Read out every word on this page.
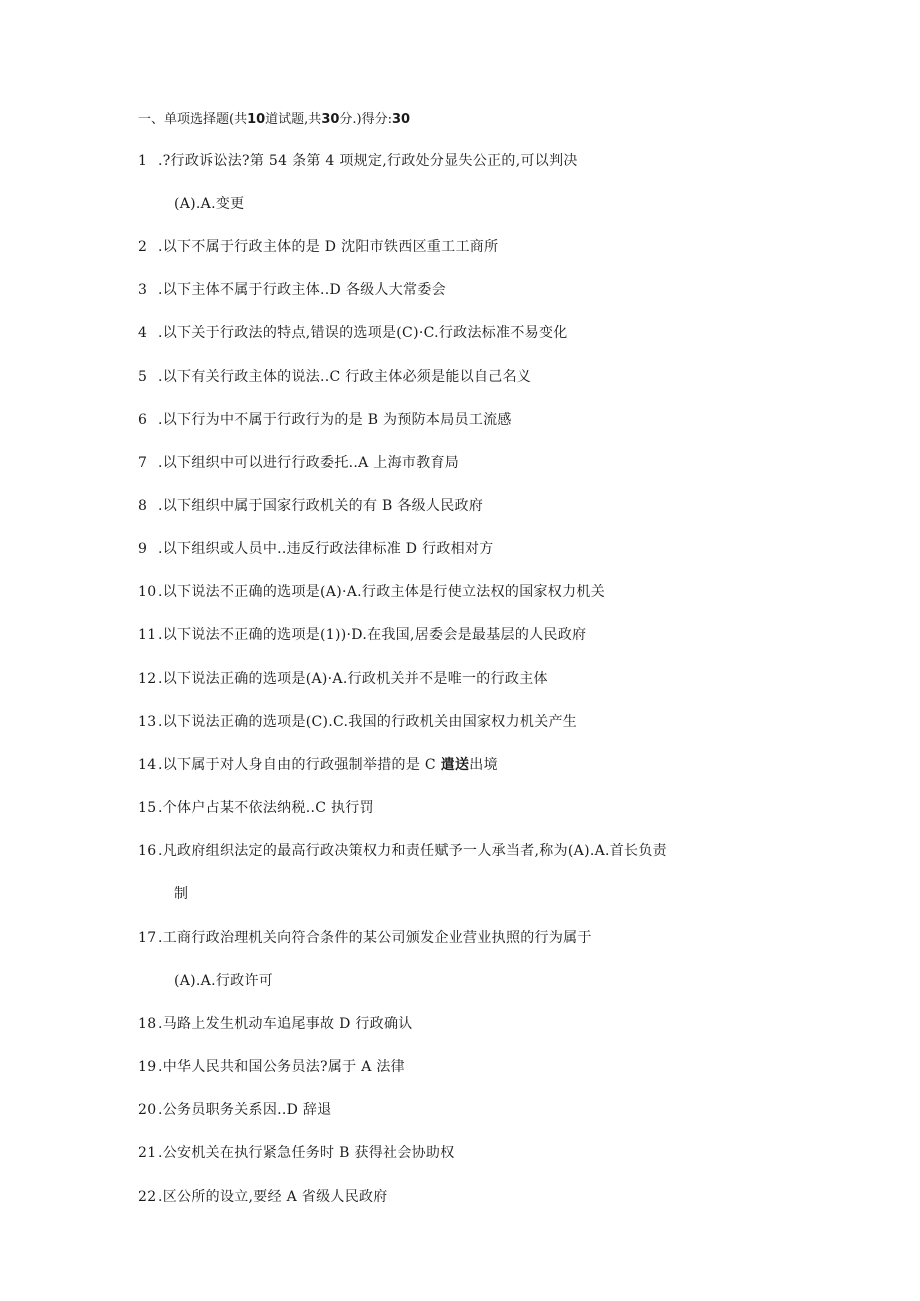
一、单项选择题(共10道试题,共30分.)得分:30
1 .?行政诉讼法?第 54 条第 4 项规定,行政处分显失公正的,可以判决
(A).A.变更
2 .以下不属于行政主体的是 D 沈阳市铁西区重工工商所
3 .以下主体不属于行政主体..D 各级人大常委会
4 .以下关于行政法的特点,错误的选项是(C)·C.行政法标准不易变化
5 .以下有关行政主体的说法..C 行政主体必须是能以自己名义
6 .以下行为中不属于行政行为的是 B 为预防本局员工流感
7 .以下组织中可以进行行政委托..A 上海市教育局
8 .以下组织中属于国家行政机关的有 B 各级人民政府
9 .以下组织或人员中..违反行政法律标准 D 行政相对方
10 .以下说法不正确的选项是(A)·A.行政主体是行使立法权的国家权力机关
11 .以下说法不正确的选项是(1))·D.在我国,居委会是最基层的人民政府
12 .以下说法正确的选项是(A)·A.行政机关并不是唯一的行政主体
13 .以下说法正确的选项是(C).C.我国的行政机关由国家权力机关产生
14 .以下属于对人身自由的行政强制举措的是 C 遣送出境
15 .个体户占某不依法纳税..C 执行罚
16 .凡政府组织法定的最高行政决策权力和责任赋予一人承当者,称为(A).A.首长负责
制
17 .工商行政治理机关向符合条件的某公司颁发企业营业执照的行为属于
(A).A.行政许可
18 .马路上发生机动车追尾事故 D 行政确认
19 .中华人民共和国公务员法?属于 A 法律
20 .公务员职务关系因..D 辞退
21 .公安机关在执行紧急任务时 B 获得社会协助权
22 .区公所的设立,要经 A 省级人民政府
